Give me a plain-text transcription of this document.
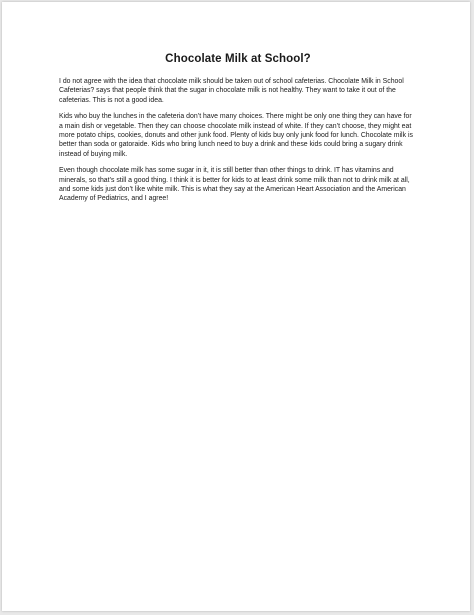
Chocolate Milk at School?

I do not agree with the idea that chocolate milk should be taken out of school cafeterias. Chocolate Milk in School Cafeterias? says that people think that the sugar in chocolate milk is not healthy. They want to take it out of the cafeterias. This is not a good idea.

Kids who buy the lunches in the cafeteria don’t have many choices. There might be only one thing they can have for a main dish or vegetable. Then they can choose chocolate milk instead of white. If they can’t choose, they might eat more potato chips, cookies, donuts and other junk food. Plenty of kids buy only junk food for lunch. Chocolate milk is better than soda or gatoraide. Kids who bring lunch need to buy a drink and these kids could bring a sugary drink instead of buying milk.

Even though chocolate milk has some sugar in it, it is still better than other things to drink. IT has vitamins and minerals, so that’s still a good thing. I think it is better for kids to at least drink some milk than not to drink milk at all, and some kids just don’t like white milk. This is what they say at the American Heart Association and the American Academy of Pediatrics, and I agree!
